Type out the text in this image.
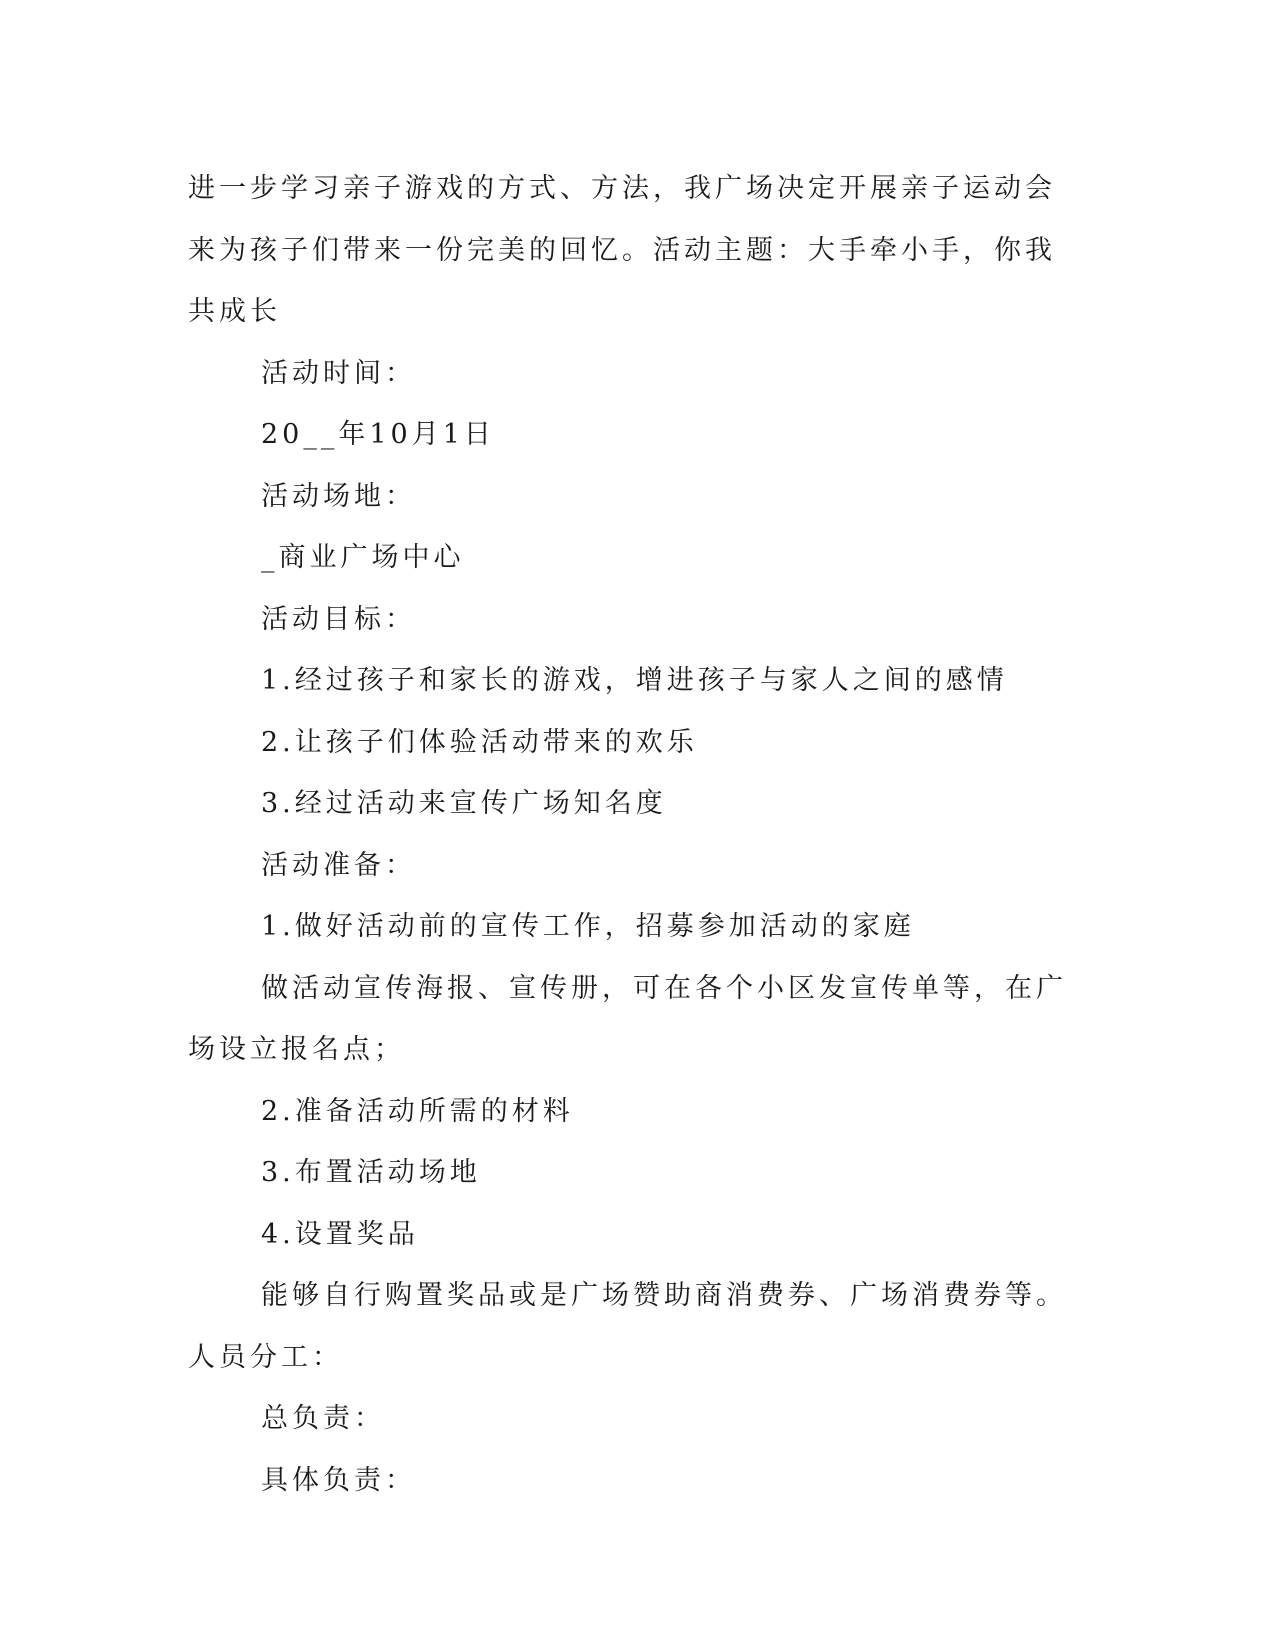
进一步学习亲子游戏的方式、方法，我广场决定开展亲子运动会来为孩子们带来一份完美的回忆。活动主题：大手牵小手，你我共成长

活动时间：

20__年10月1日

活动场地：

_商业广场中心

活动目标：

1.经过孩子和家长的游戏，增进孩子与家人之间的感情

2.让孩子们体验活动带来的欢乐

3.经过活动来宣传广场知名度

活动准备：

1.做好活动前的宣传工作，招募参加活动的家庭

做活动宣传海报、宣传册，可在各个小区发宣传单等，在广场设立报名点；

2.准备活动所需的材料

3.布置活动场地

4.设置奖品

能够自行购置奖品或是广场赞助商消费券、广场消费券等。人员分工：

总负责：

具体负责：
